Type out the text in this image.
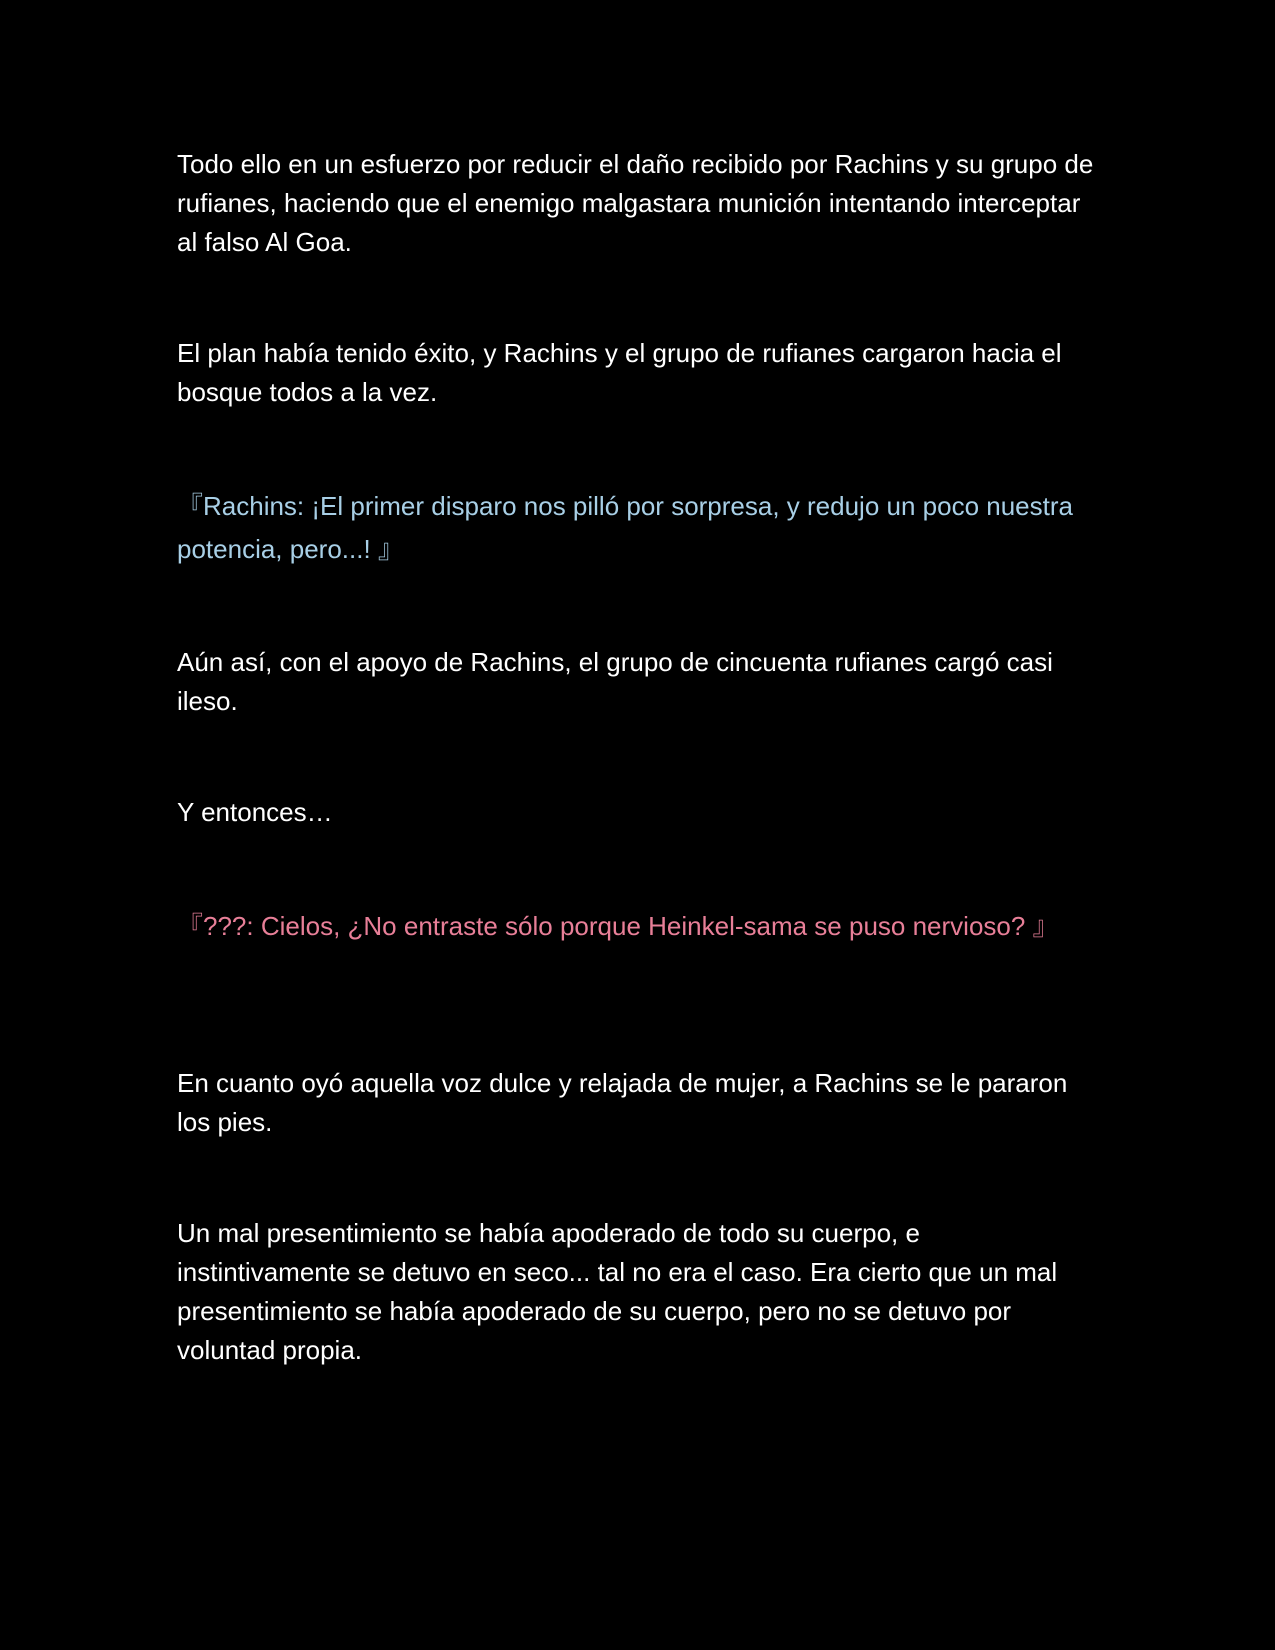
Todo ello en un esfuerzo por reducir el daño recibido por Rachins y su grupo de rufianes, haciendo que el enemigo malgastara munición intentando interceptar al falso Al Goa.

El plan había tenido éxito, y Rachins y el grupo de rufianes cargaron hacia el bosque todos a la vez.

『Rachins: ¡El primer disparo nos pilló por sorpresa, y redujo un poco nuestra potencia, pero...! 』

Aún así, con el apoyo de Rachins, el grupo de cincuenta rufianes cargó casi ileso.

Y entonces…

『???: Cielos, ¿No entraste sólo porque Heinkel-sama se puso nervioso? 』

En cuanto oyó aquella voz dulce y relajada de mujer, a Rachins se le pararon los pies.

Un mal presentimiento se había apoderado de todo su cuerpo, e instintivamente se detuvo en seco... tal no era el caso. Era cierto que un mal presentimiento se había apoderado de su cuerpo, pero no se detuvo por voluntad propia.
